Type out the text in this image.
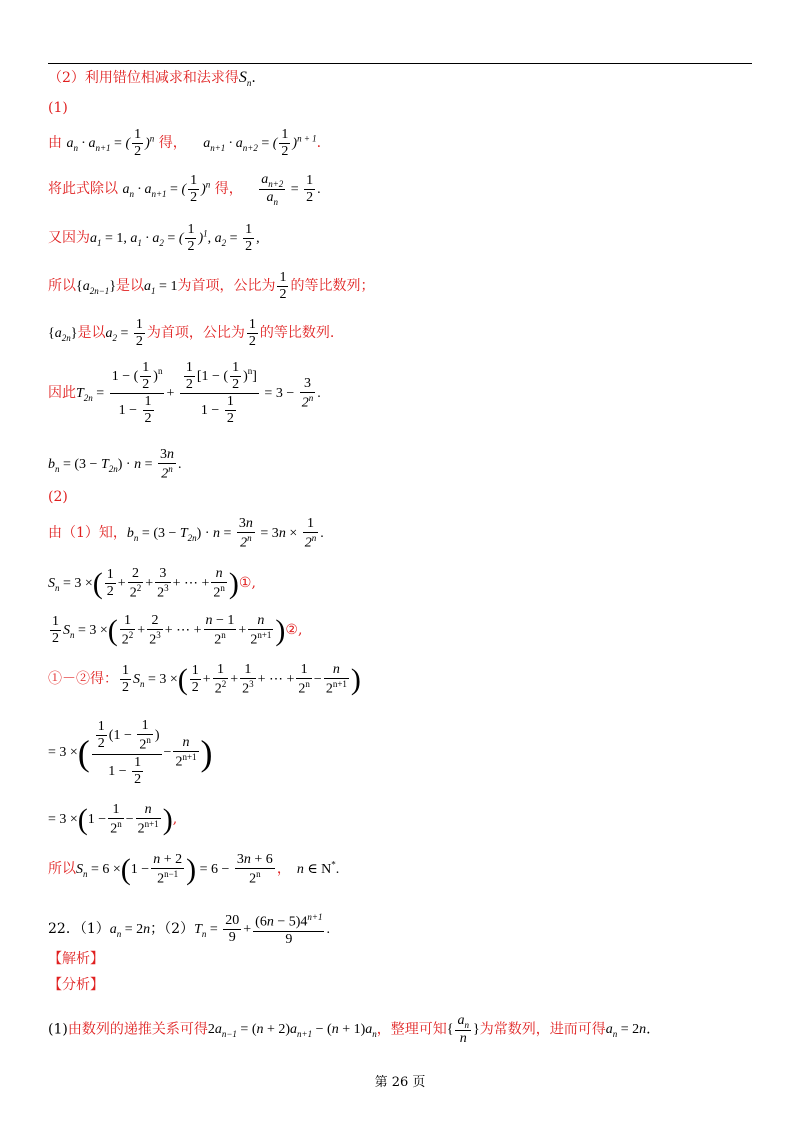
（2）利用错位相减求和法求得$S_n$.
(1)
由 $a_n \cdot a_{n+1}$ = ( $\frac{1}{2} )^n$ 得， $a_{n+1} \cdot a_{n+2}$ = ( $\frac{1}{2} )^{n + 1}$.
将此式除以 $a_n \cdot a_{n+1}$ = ( $\frac{1}{2} )^n$ 得， $\frac{a_{n+2}}{a_n} = \frac{1}{2}$ .
又因为$a_1 = 1$, $a_1 \cdot a_2$ = ( $\frac{1}{2} )^1$, $a_2 = \frac{1}{2}$ ,
所以$\{a_{2n-1}\}$是以$a_1 = 1$为首项，公比为 $\frac{1}{2}$ 的等比数列；
$\{a_{2n}\}$是以$a_2 = \frac{1}{2}$ 为首项，公比为 $\frac{1}{2}$ 的等比数列.
因此$T_{2n} = \frac{1 - ( \frac{1}{2} )^n}{1 - \frac{1}{2}} + \frac{\frac{1}{2} [1 - ( \frac{1}{2} )^n]}{1 - \frac{1}{2}} = 3 - \frac{3}{2^n}$ .
$b_n = (3 - T_{2n}) \cdot n = \frac{3n}{2^n}$ .
(2)
由（1）知，$b_n = (3 - T_{2n}) \cdot n = \frac{3n}{2^n} = 3n \times \frac{1}{2^n}$ .
$S_n = 3$ ×( $\frac{1}{2} + \frac{2}{2^2} + \frac{3}{2^3}$ + ⋯ + $\frac{n}{2^n}$ )①,
$\frac{1}{2} S_n = 3$ ×( $\frac{1}{2^2} + \frac{2}{2^3}$ + ⋯ + $\frac{n - 1}{2^n} + \frac{n}{2^{n+1}}$ )②,
①－②得： $\frac{1}{2} S_n = 3$ ×( $\frac{1}{2} + \frac{1}{2^2} + \frac{1}{2^3}$ + ⋯ + $\frac{1}{2^n} - \frac{n}{2^{n+1}}$ )
= 3 ×( $\frac{\frac{1}{2} (1 - \frac{1}{2^n} )}{1 - \frac{1}{2}} - \frac{n}{2^{n+1}}$ )
= $3 \times(1 - \frac{1}{2^n} - \frac{n}{2^{n+1}}$ ),
所以$S_n = 6 \times(1 - \frac{n + 2}{2^{n-1}}$ ) = $6 - \frac{3n + 6}{2^n}$ ， n ∈ N*.
22．$(1)a_n = 2n$；$(2)T_n = \frac{20}{9} + \frac{(6n - 5)4^{n+1}}{9}$ .
【解析】
【分析】
(1)由数列的递推关系可得$2a_{n-1} = (n + 2)a_{n+1} - (n + 1)a_n$，整理可知{ $\frac{a_n}{n}$ }为常数列，进而可得$a_n = 2n$.
第 26 页
